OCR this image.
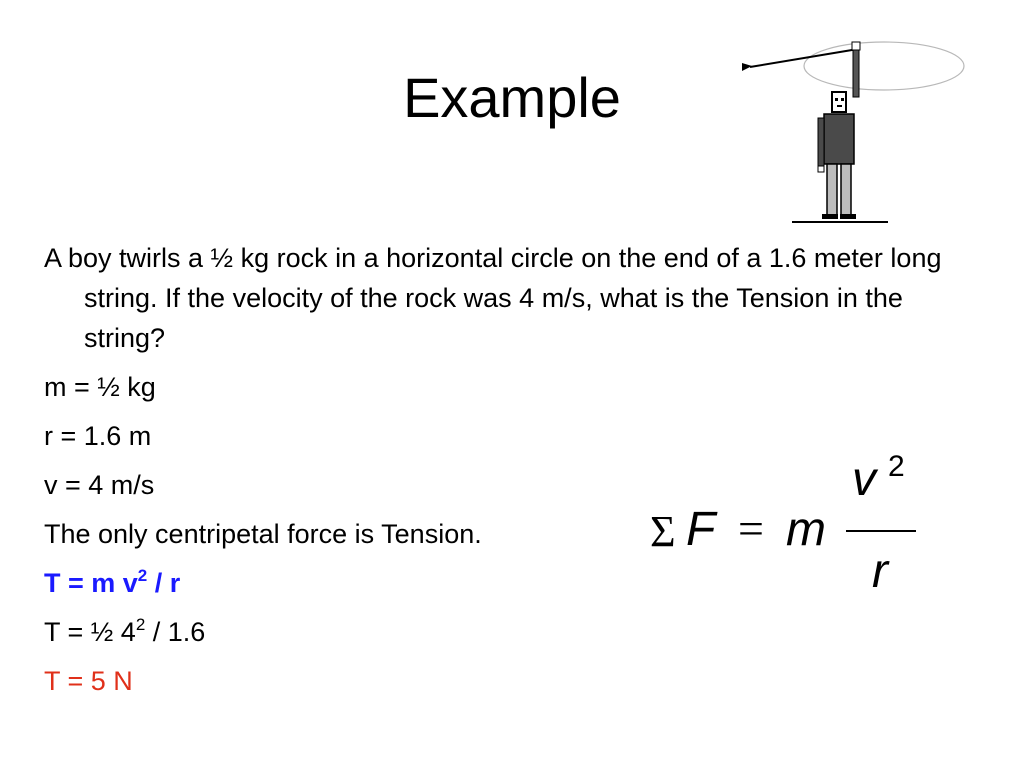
Example

A boy twirls a ½ kg rock in a horizontal circle on the end of a 1.6 meter long string. If the velocity of the rock was 4 m/s, what is the Tension in the string?

m = ½ kg

r = 1.6 m

v = 4 m/s

The only centripetal force is Tension.

T = m $v^2$ / r

T = ½ $4^2 / 1.6$

T = 5 N

Σ F = m
v 2
r
